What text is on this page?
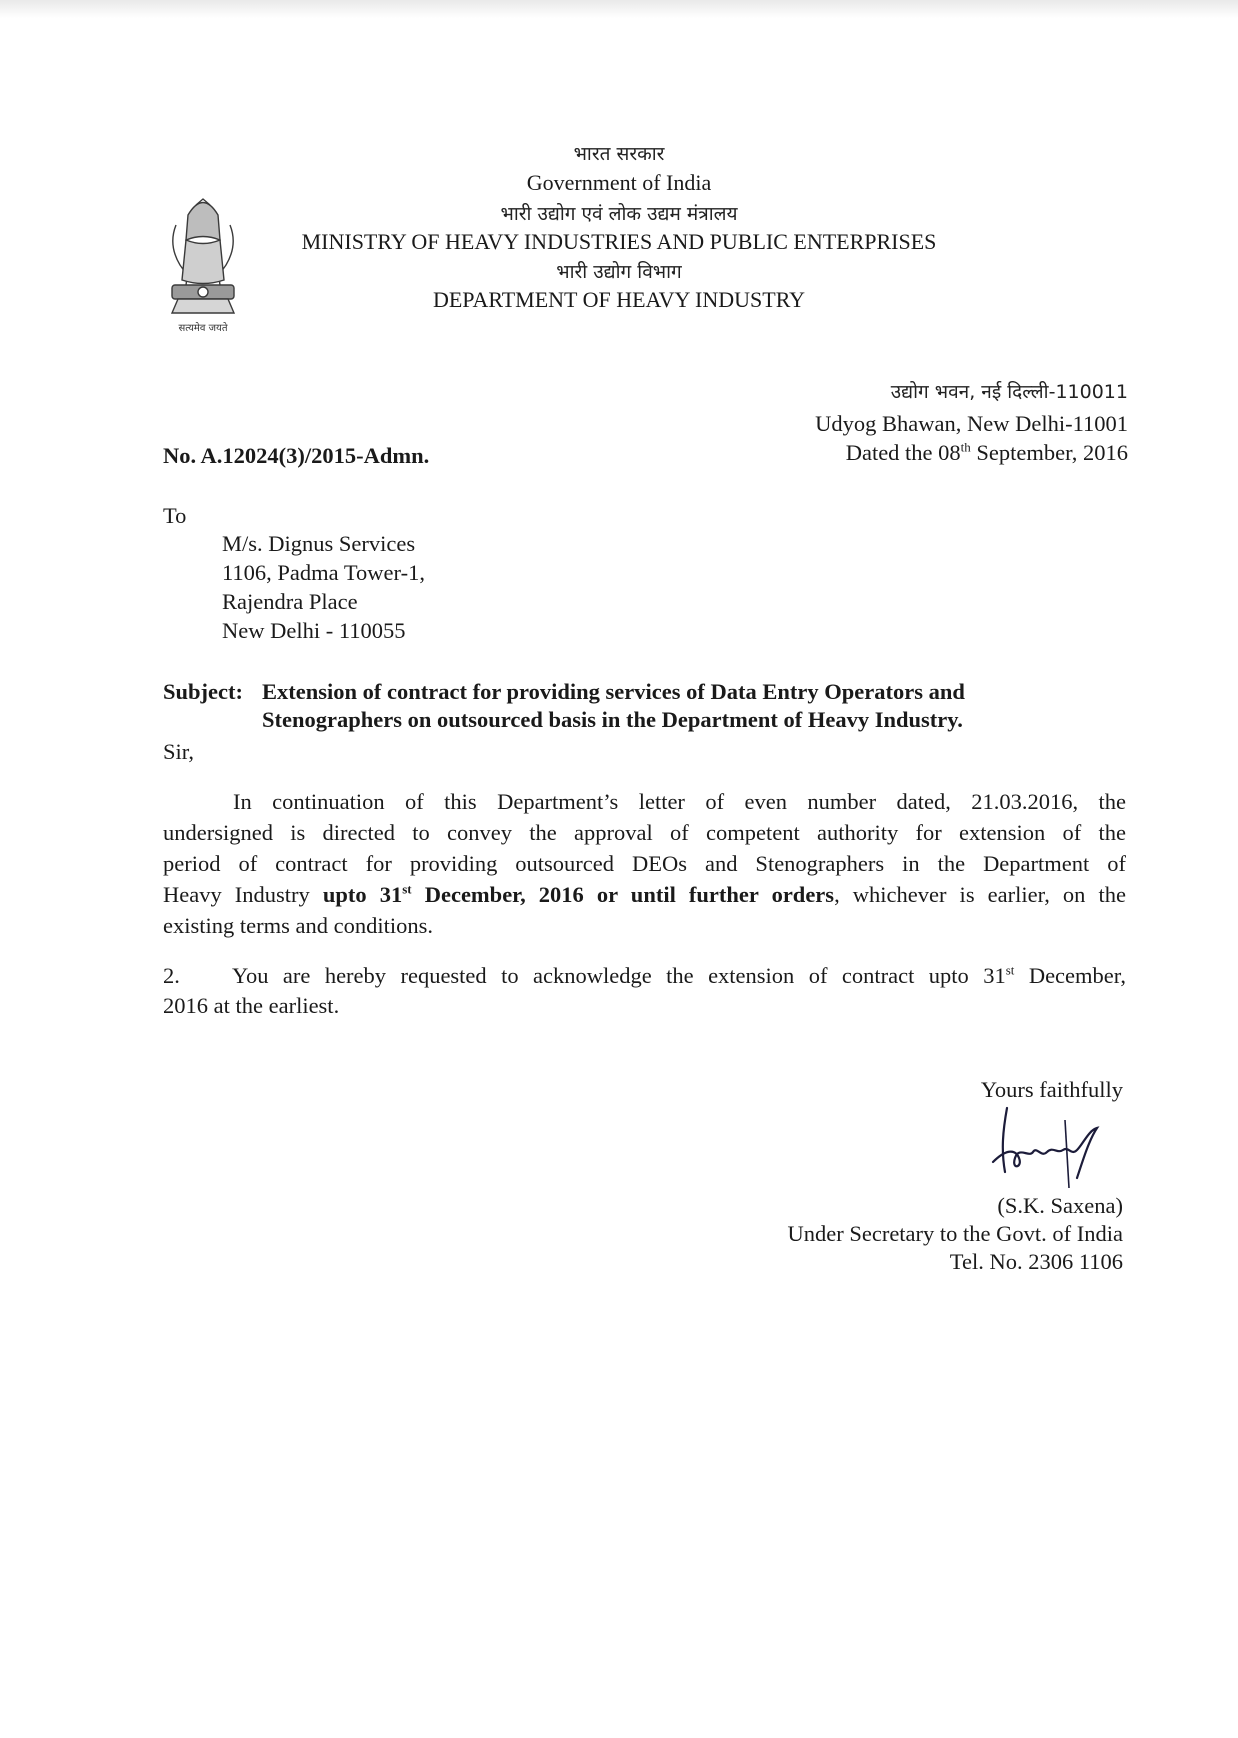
सत्यमेव जयते
भारत सरकार
Government of India
भारी उद्योग एवं लोक उद्यम मंत्रालय
MINISTRY OF HEAVY INDUSTRIES AND PUBLIC ENTERPRISES
भारी उद्योग विभाग
DEPARTMENT OF HEAVY INDUSTRY
उद्योग भवन, नई दिल्ली-110011
Udyog Bhawan, New Delhi-11001
Dated the 08th September, 2016
No. A.12024(3)/2015-Admn.
To
M/s. Dignus Services
1106, Padma Tower-1,
Rajendra Place
New Delhi - 110055
Subject: Extension of contract for providing services of Data Entry Operators and
Stenographers on outsourced basis in the Department of Heavy Industry.
Sir,
In continuation of this Department’s letter of even number dated, 21.03.2016, the
undersigned is directed to convey the approval of competent authority for extension of the
period of contract for providing outsourced DEOs and Stenographers in the Department of
Heavy Industry upto 31st December, 2016 or until further orders, whichever is earlier, on the
existing terms and conditions.
2. You are hereby requested to acknowledge the extension of contract upto 31st December,
2016 at the earliest.
Yours faithfully
(S.K. Saxena)
Under Secretary to the Govt. of India
Tel. No. 2306 1106
